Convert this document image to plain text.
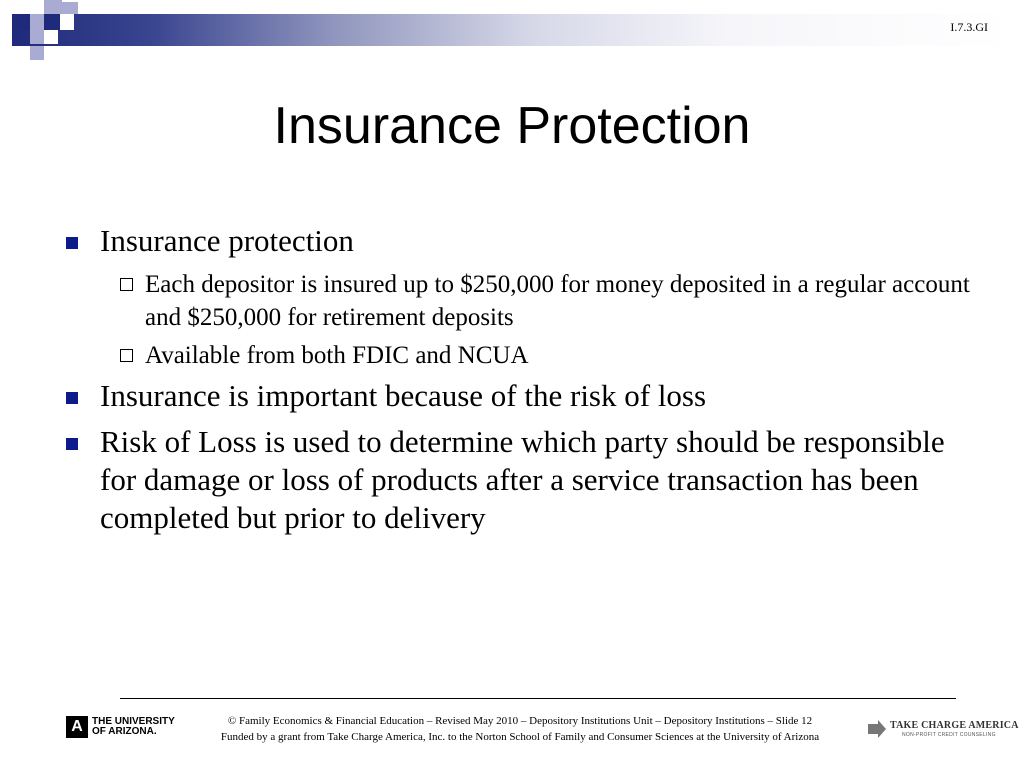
I.7.3.GI
Insurance Protection
Insurance protection
Each depositor is insured up to $250,000 for money deposited in a regular account and $250,000 for retirement deposits
Available from both FDIC and NCUA
Insurance is important because of the risk of loss
Risk of Loss is used to determine which party should be responsible for damage or loss of products after a service transaction has been completed but prior to delivery
A THE UNIVERSITY
OF ARIZONA.
© Family Economics & Financial Education – Revised May 2010 – Depository Institutions Unit – Depository Institutions – Slide 12
Funded by a grant from Take Charge America, Inc. to the Norton School of Family and Consumer Sciences at the University of Arizona
TAKE CHARGE AMERICA
NON-PROFIT CREDIT COUNSELING
